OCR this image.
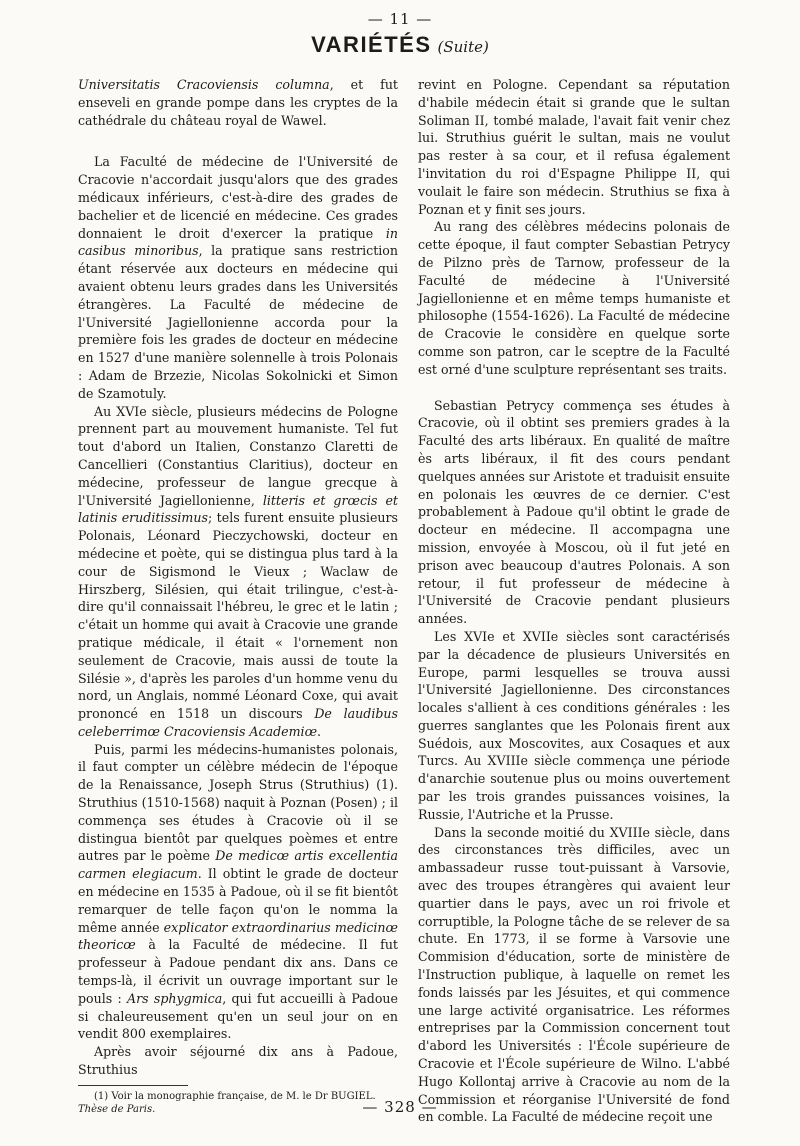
— 11 —
VARIÉTÉS (Suite)

Universitatis Cracoviensis columna, et fut enseveli en grande pompe dans les cryptes de la cathédrale du château royal de Wawel.

La Faculté de médecine de l'Université de Cracovie n'accordait jusqu'alors que des grades médicaux inférieurs, c'est-à-dire des grades de bachelier et de licencié en médecine. Ces grades donnaient le droit d'exercer la pratique in casibus minoribus, la pratique sans restriction étant réservée aux docteurs en médecine qui avaient obtenu leurs grades dans les Universités étrangères. La Faculté de médecine de l'Université Jagiellonienne accorda pour la première fois les grades de docteur en médecine en 1527 d'une manière solennelle à trois Polonais : Adam de Brzezie, Nicolas Sokolnicki et Simon de Szamotuly.

Au XVIe siècle, plusieurs médecins de Pologne prennent part au mouvement humaniste. Tel fut tout d'abord un Italien, Constanzo Claretti de Cancellieri (Constantius Claritius), docteur en médecine, professeur de langue grecque à l'Université Jagiellonienne, litteris et grœcis et latinis eruditissimus; tels furent ensuite plusieurs Polonais, Léonard Pieczychowski, docteur en médecine et poète, qui se distingua plus tard à la cour de Sigismond le Vieux ; Waclaw de Hirszberg, Silésien, qui était trilingue, c'est-à-dire qu'il connaissait l'hébreu, le grec et le latin ; c'était un homme qui avait à Cracovie une grande pratique médicale, il était « l'ornement non seulement de Cracovie, mais aussi de toute la Silésie », d'après les paroles d'un homme venu du nord, un Anglais, nommé Léonard Coxe, qui avait prononcé en 1518 un discours De laudibus celeberrimœ Cracoviensis Academiœ.

Puis, parmi les médecins-humanistes polonais, il faut compter un célèbre médecin de l'époque de la Renaissance, Joseph Strus (Struthius) (1). Struthius (1510-1568) naquit à Poznan (Posen) ; il commença ses études à Cracovie où il se distingua bientôt par quelques poèmes et entre autres par le poème De medicœ artis excellentia carmen elegiacum. Il obtint le grade de docteur en médecine en 1535 à Padoue, où il se fit bientôt remarquer de telle façon qu'on le nomma la même année explicator extraordinarius medicinœ theoricœ à la Faculté de médecine. Il fut professeur à Padoue pendant dix ans. Dans ce temps-là, il écrivit un ouvrage important sur le pouls : Ars sphygmica, qui fut accueilli à Padoue si chaleureusement qu'en un seul jour on en vendit 800 exemplaires.

Après avoir séjourné dix ans à Padoue, Struthius

(1) Voir la monographie française, de M. le Dr BUGIEL.
Thèse de Paris.

revint en Pologne. Cependant sa réputation d'habile médecin était si grande que le sultan Soliman II, tombé malade, l'avait fait venir chez lui. Struthius guérit le sultan, mais ne voulut pas rester à sa cour, et il refusa également l'invitation du roi d'Espagne Philippe II, qui voulait le faire son médecin. Struthius se fixa à Poznan et y finit ses jours.

Au rang des célèbres médecins polonais de cette époque, il faut compter Sebastian Petrycy de Pilzno près de Tarnow, professeur de la Faculté de médecine à l'Université Jagiellonienne et en même temps humaniste et philosophe (1554-1626). La Faculté de médecine de Cracovie le considère en quelque sorte comme son patron, car le sceptre de la Faculté est orné d'une sculpture représentant ses traits.

Sebastian Petrycy commença ses études à Cracovie, où il obtint ses premiers grades à la Faculté des arts libéraux. En qualité de maître ès arts libéraux, il fit des cours pendant quelques années sur Aristote et traduisit ensuite en polonais les œuvres de ce dernier. C'est probablement à Padoue qu'il obtint le grade de docteur en médecine. Il accompagna une mission, envoyée à Moscou, où il fut jeté en prison avec beaucoup d'autres Polonais. A son retour, il fut professeur de médecine à l'Université de Cracovie pendant plusieurs années.

Les XVIe et XVIIe siècles sont caractérisés par la décadence de plusieurs Universités en Europe, parmi lesquelles se trouva aussi l'Université Jagiellonienne. Des circonstances locales s'allient à ces conditions générales : les guerres sanglantes que les Polonais firent aux Suédois, aux Moscovites, aux Cosaques et aux Turcs. Au XVIIIe siècle commença une période d'anarchie soutenue plus ou moins ouvertement par les trois grandes puissances voisines, la Russie, l'Autriche et la Prusse.

Dans la seconde moitié du XVIIIe siècle, dans des circonstances très difficiles, avec un ambassadeur russe tout-puissant à Varsovie, avec des troupes étrangères qui avaient leur quartier dans le pays, avec un roi frivole et corruptible, la Pologne tâche de se relever de sa chute. En 1773, il se forme à Varsovie une Commision d'éducation, sorte de ministère de l'Instruction publique, à laquelle on remet les fonds laissés par les Jésuites, et qui commence une large activité organisatrice. Les réformes entreprises par la Commission concernent tout d'abord les Universités : l'École supérieure de Cracovie et l'École supérieure de Wilno. L'abbé Hugo Kollontaj arrive à Cracovie au nom de la Commission et réorganise l'Université de fond en comble. La Faculté de médecine reçoit une

— 328 —
